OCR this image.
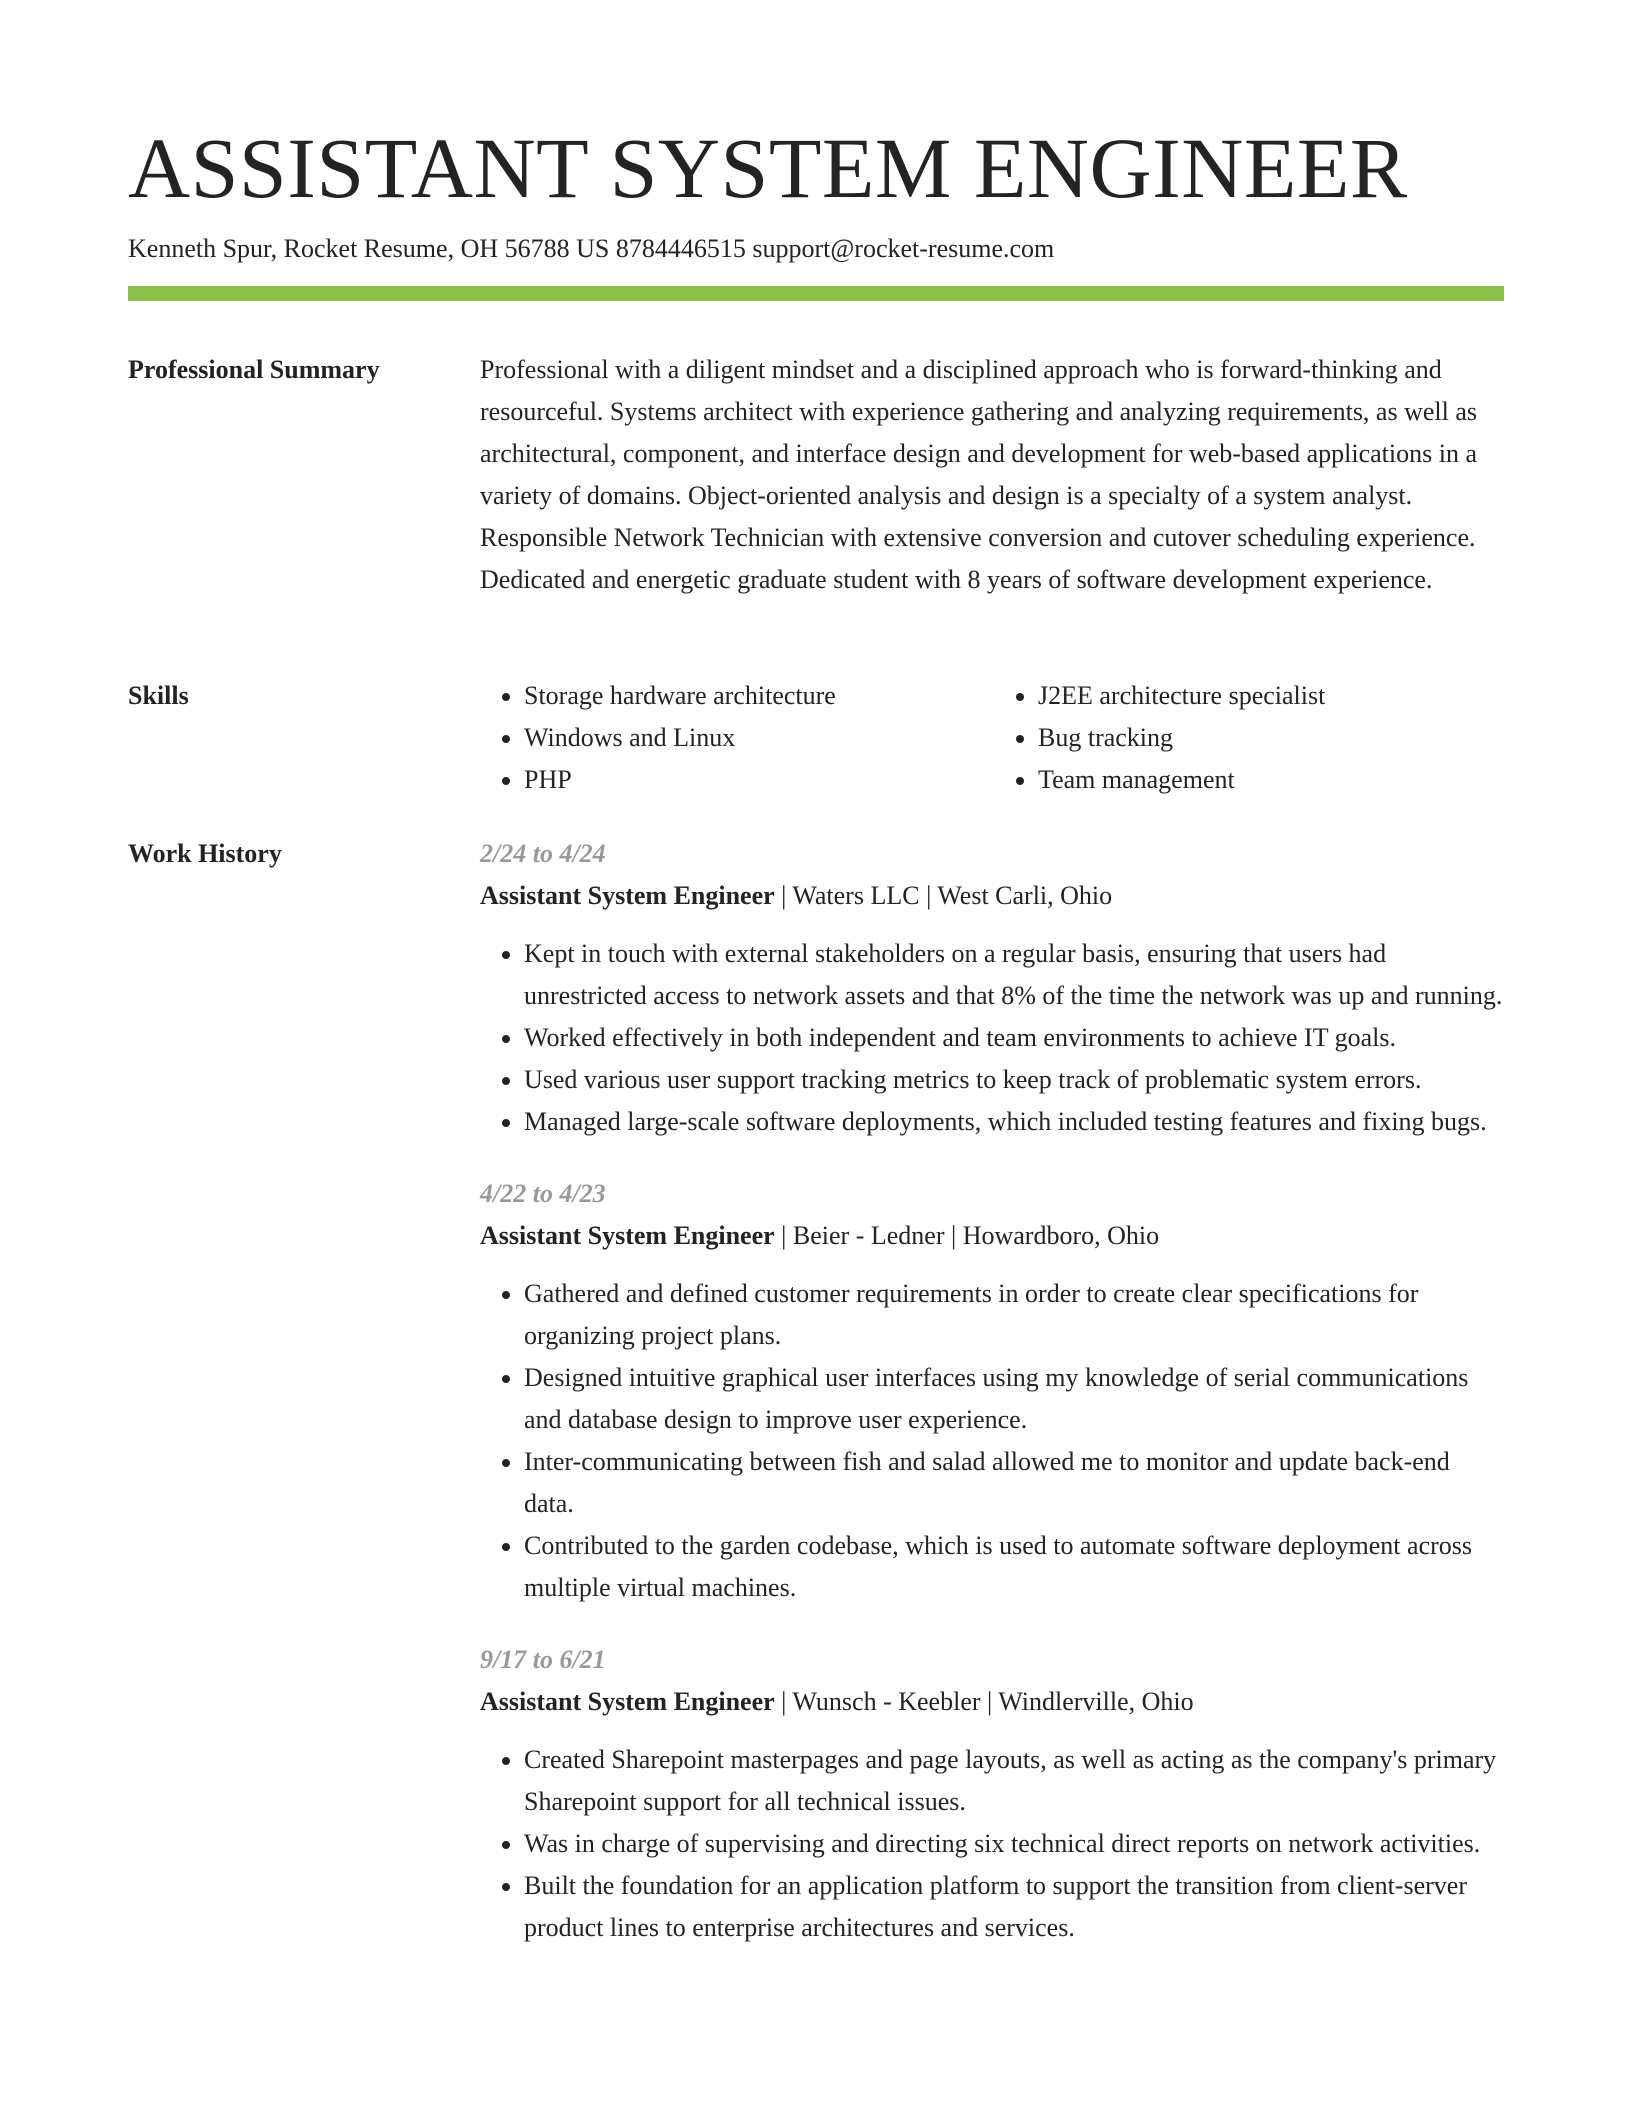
ASSISTANT SYSTEM ENGINEER
Kenneth Spur, Rocket Resume, OH 56788 US 8784446515 support@rocket-resume.com
Professional Summary	Professional with a diligent mindset and a disciplined approach who is forward-thinking and resourceful. Systems architect with experience gathering and analyzing requirements, as well as architectural, component, and interface design and development for web-based applications in a variety of domains. Object-oriented analysis and design is a specialty of a system analyst. Responsible Network Technician with extensive conversion and cutover scheduling experience. Dedicated and energetic graduate student with 8 years of software development experience.

Skills
•	Storage hardware architecture
• Windows and Linux
• PHP
• J2EE architecture specialist
• Bug tracking
• Team management
Work History	2/24 to 4/24
Assistant System Engineer | Waters LLC | West Carli, Ohio
• Kept in touch with external stakeholders on a regular basis, ensuring that users had unrestricted access to network assets and that 8% of the time the network was up and running.
• Worked effectively in both independent and team environments to achieve IT goals.
• Used various user support tracking metrics to keep track of problematic system errors.
• Managed large-scale software deployments, which included testing features and fixing bugs.
4/22 to 4/23
Assistant System Engineer | Beier - Ledner | Howardboro, Ohio
• Gathered and defined customer requirements in order to create clear specifications for organizing project plans.
• Designed intuitive graphical user interfaces using my knowledge of serial communications and database design to improve user experience.
• Inter-communicating between fish and salad allowed me to monitor and update back-end data.
• Contributed to the garden codebase, which is used to automate software deployment across multiple virtual machines.
9/17 to 6/21
Assistant System Engineer | Wunsch - Keebler | Windlerville, Ohio
• Created Sharepoint masterpages and page layouts, as well as acting as the company's primary Sharepoint support for all technical issues.
• Was in charge of supervising and directing six technical direct reports on network activities.
• Built the foundation for an application platform to support the transition from client-server product lines to enterprise architectures and services.
